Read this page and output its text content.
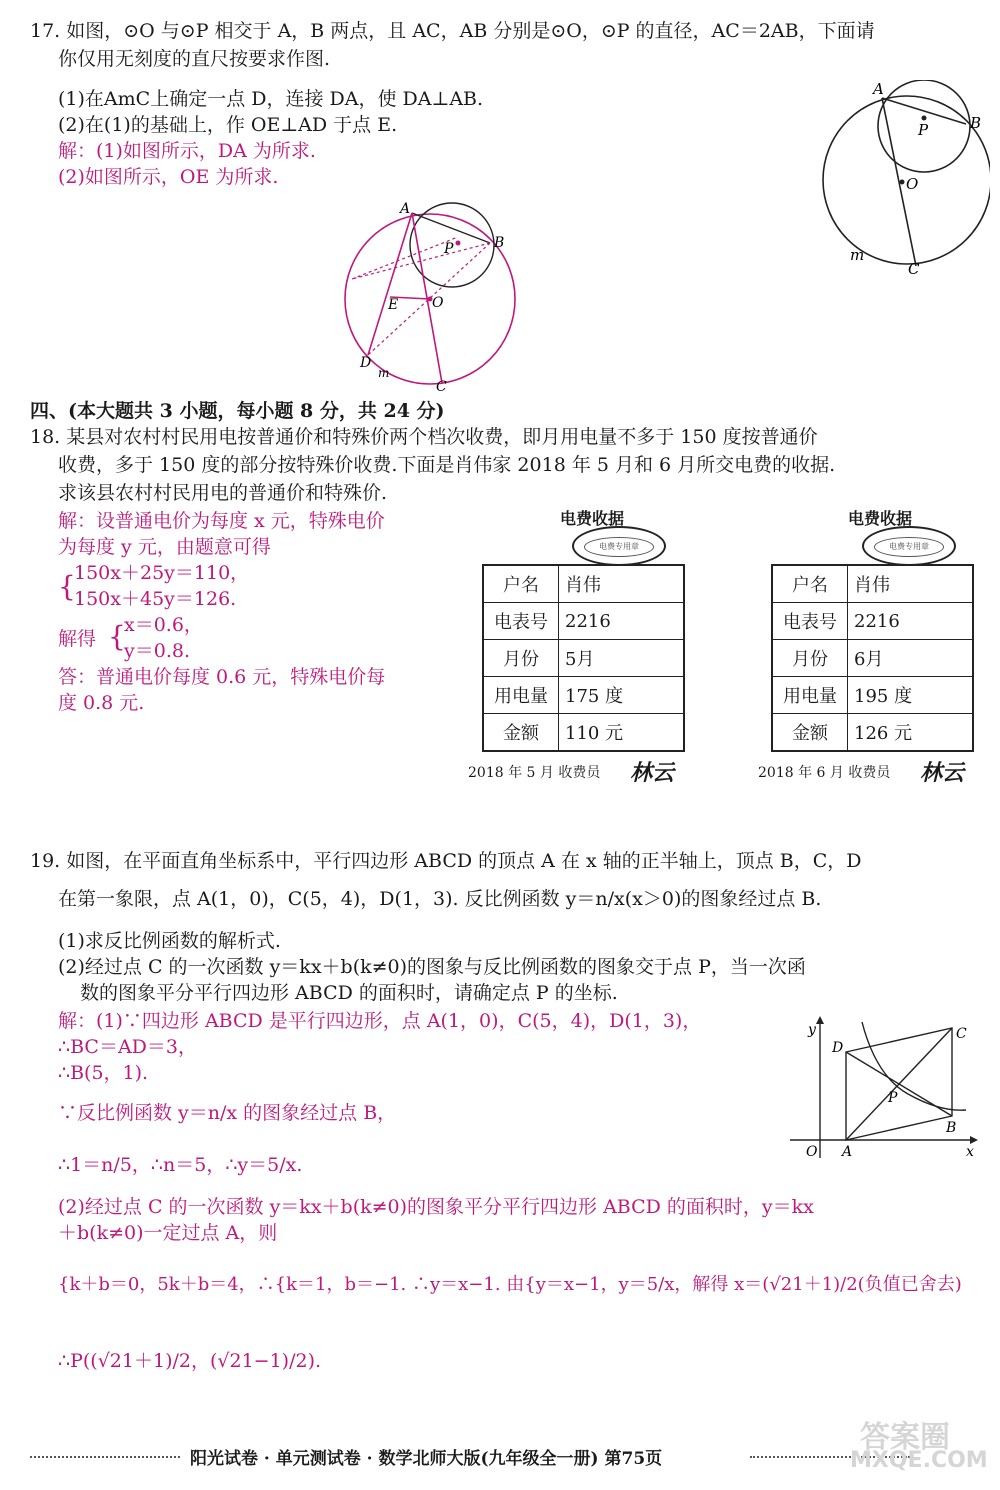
17. 如图，⊙O 与⊙P 相交于 A，B 两点，且 AC，AB 分别是⊙O，⊙P 的直径，AC＝2AB，下面请
你仅用无刻度的直尺按要求作图.
(1)在AmC上确定一点 D，连接 DA，使 DA⊥AB.
(2)在(1)的基础上，作 OE⊥AD 于点 E.
解：(1)如图所示，DA 为所求.
(2)如图所示，OE 为所求.
A
B
P
O
C
m
A
B
P
O
E
D
C
m
四、(本大题共 3 小题，每小题 8 分，共 24 分)
18. 某县对农村村民用电按普通价和特殊价两个档次收费，即月用电量不多于 150 度按普通价
收费，多于 150 度的部分按特殊价收费.下面是肖伟家 2018 年 5 月和 6 月所交电费的收据.
求该县农村村民用电的普通价和特殊价.
解：设普通电价为每度 x 元，特殊电价
为每度 y 元，由题意可得
{
150x＋25y＝110，
150x＋45y＝126.
解得 {
x＝0.6，
y＝0.8.
答：普通电价每度 0.6 元，特殊电价每
度 0.8 元.
电费收据
电费专用章
户名	肖伟
电表号	2216
月份	5月
用电量	175 度
金额	110 元
2018 年 5 月 收费员 林云
电费收据
电费专用章
户名	肖伟
电表号	2216
月份	6月
用电量	195 度
金额	126 元
2018 年 6 月 收费员 林云
19. 如图，在平面直角坐标系中，平行四边形 ABCD 的顶点 A 在 x 轴的正半轴上，顶点 B，C，D
在第一象限，点 A(1，0)，C(5，4)，D(1，3). 反比例函数 y＝n/x(x＞0)的图象经过点 B.
(1)求反比例函数的解析式.
(2)经过点 C 的一次函数 y＝kx＋b(k≠0)的图象与反比例函数的图象交于点 P，当一次函
数的图象平分平行四边形 ABCD 的面积时，请确定点 P 的坐标.
解：(1)∵四边形 ABCD 是平行四边形，点 A(1，0)，C(5，4)，D(1，3)，
∴BC＝AD＝3，
∴B(5，1).
∵反比例函数 y＝n/x 的图象经过点 B，
∴1＝n/5，∴n＝5，∴y＝5/x.
(2)经过点 C 的一次函数 y＝kx＋b(k≠0)的图象平分平行四边形 ABCD 的面积时，y＝kx
＋b(k≠0)一定过点 A，则
{k＋b＝0，5k＋b＝4，∴{k＝1，b＝−1. ∴y＝x−1. 由{y＝x−1，y＝5/x，解得 x＝(√21＋1)/2(负值已舍去)
∴P((√21＋1)/2，(√21−1)/2).
y
x
O A
D
C
B
P
阳光试卷 · 单元测试卷 · 数学北师大版(九年级全一册) 第75页
答案圈
MXQE.COM
